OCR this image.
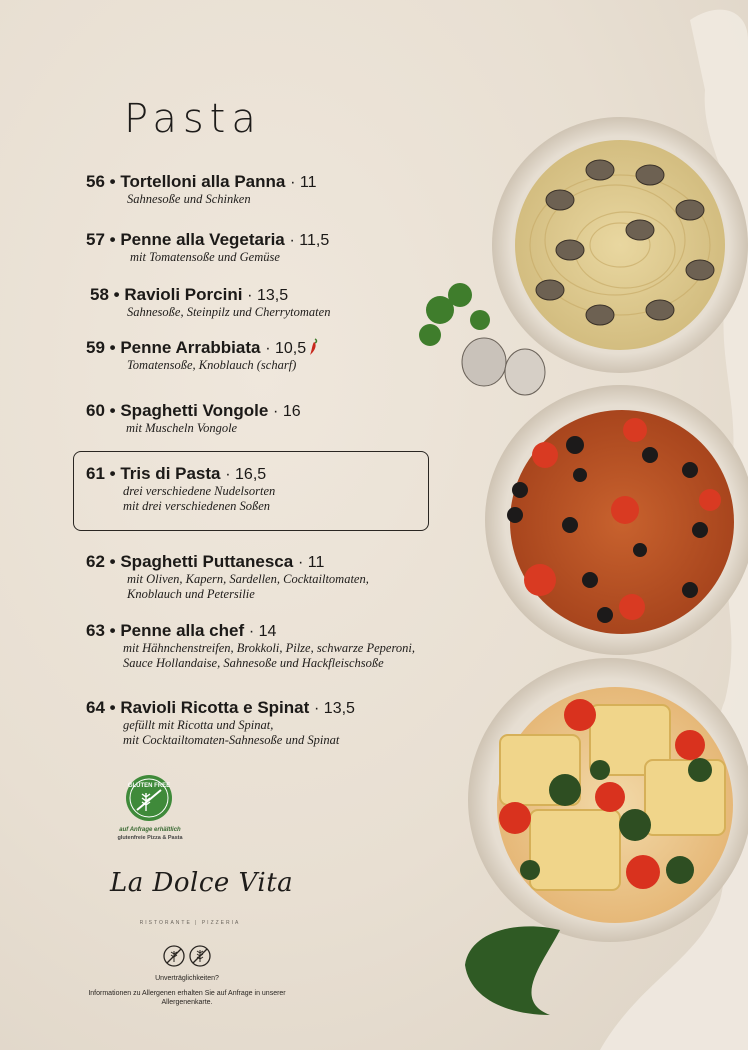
Pasta
56 • Tortelloni alla Panna · 11
Sahnesoße und Schinken
57 • Penne alla Vegetaria · 11,5
mit Tomatensoße und Gemüse
58 • Ravioli Porcini · 13,5
Sahnesoße, Steinpilz und Cherrytomaten
59 • Penne Arrabbiata · 10,5
Tomatensoße, Knoblauch (scharf)
60 • Spaghetti Vongole · 16
mit Muscheln Vongole
61 • Tris di Pasta · 16,5
drei verschiedene Nudelsorten
mit drei verschiedenen Soßen
62 • Spaghetti Puttanesca · 11
mit Oliven, Kapern, Sardellen, Cocktailtomaten,
Knoblauch und Petersilie
63 • Penne alla chef · 14
mit Hähnchenstreifen, Brokkoli, Pilze, schwarze Peperoni,
Sauce Hollandaise, Sahnesoße und Hackfleischsoße
64 • Ravioli Ricotta e Spinat · 13,5
gefüllt mit Ricotta und Spinat,
mit Cocktailtomaten-Sahnesoße und Spinat
GLUTEN FREE
auf Anfrage erhältlich
glutenfreie Pizza & Pasta
La Dolce Vita
RISTORANTE | PIZZERIA
Unverträglichkeiten?
Informationen zu Allergenen erhalten Sie auf Anfrage in unserer Allergenenkarte.
